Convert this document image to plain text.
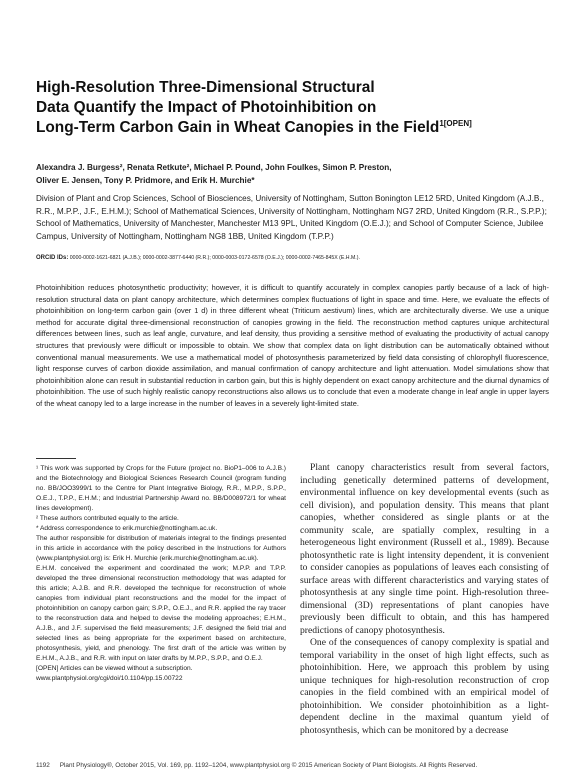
High-Resolution Three-Dimensional Structural
Data Quantify the Impact of Photoinhibition on
Long-Term Carbon Gain in Wheat Canopies in the Field$^{1[OPEN]}$
Alexandra J. Burgess², Renata Retkute², Michael P. Pound, John Foulkes, Simon P. Preston,
Oliver E. Jensen, Tony P. Pridmore, and Erik H. Murchie*
Division of Plant and Crop Sciences, School of Biosciences, University of Nottingham, Sutton Bonington LE12 5RD, United Kingdom (A.J.B., R.R., M.P.P., J.F., E.H.M.); School of Mathematical Sciences, University of Nottingham, Nottingham NG7 2RD, United Kingdom (R.R., S.P.P.); School of Mathematics, University of Manchester, Manchester M13 9PL, United Kingdom (O.E.J.); and School of Computer Science, Jubilee Campus, University of Nottingham, Nottingham NG8 1BB, United Kingdom (T.P.P.)
ORCID IDs: 0000-0002-1621-6821 (A.J.B.); 0000-0002-3877-6440 (R.R.); 0000-0003-0172-6578 (O.E.J.); 0000-0002-7465-845X (E.H.M.).
Photoinhibition reduces photosynthetic productivity; however, it is difficult to quantify accurately in complex canopies partly because of a lack of high-resolution structural data on plant canopy architecture, which determines complex fluctuations of light in space and time. Here, we evaluate the effects of photoinhibition on long-term carbon gain (over 1 d) in three different wheat (Triticum aestivum) lines, which are architecturally diverse. We use a unique method for accurate digital three-dimensional reconstruction of canopies growing in the field. The reconstruction method captures unique architectural differences between lines, such as leaf angle, curvature, and leaf density, thus providing a sensitive method of evaluating the productivity of actual canopy structures that previously were difficult or impossible to obtain. We show that complex data on light distribution can be automatically obtained without conventional manual measurements. We use a mathematical model of photosynthesis parameterized by field data consisting of chlorophyll fluorescence, light response curves of carbon dioxide assimilation, and manual confirmation of canopy architecture and light attenuation. Model simulations show that photoinhibition alone can result in substantial reduction in carbon gain, but this is highly dependent on exact canopy architecture and the diurnal dynamics of photoinhibition. The use of such highly realistic canopy reconstructions also allows us to conclude that even a moderate change in leaf angle in upper layers of the wheat canopy led to a large increase in the number of leaves in a severely light-limited state.

¹ This work was supported by Crops for the Future (project no. BioP1–006 to A.J.B.) and the Biotechnology and Biological Sciences Research Council (program funding no. BB/JOO3999/1 to the Centre for Plant Integrative Biology, R.R., M.P.P., S.P.P., O.E.J., T.P.P., E.H.M.; and Industrial Partnership Award no. BB/D008972/1 for wheat lines development).

² These authors contributed equally to the article.

* Address correspondence to erik.murchie@nottingham.ac.uk.

The author responsible for distribution of materials integral to the findings presented in this article in accordance with the policy described in the Instructions for Authors (www.plantphysiol.org) is: Erik H. Murchie (erik.murchie@nottingham.ac.uk).

E.H.M. conceived the experiment and coordinated the work; M.P.P. and T.P.P. developed the three dimensional reconstruction methodology that was adapted for this article; A.J.B. and R.R. developed the technique for reconstruction of whole canopies from individual plant reconstructions and the model for the impact of photoinhibition on canopy carbon gain; S.P.P., O.E.J., and R.R. applied the ray tracer to the reconstruction data and helped to devise the modeling approaches; E.H.M., A.J.B., and J.F. supervised the field measurements; J.F. designed the field trial and selected lines as being appropriate for the experiment based on architecture, photosynthesis, yield, and phenology. The first draft of the article was written by E.H.M., A.J.B., and R.R. with input on later drafts by M.P.P., S.P.P., and O.E.J.

[OPEN] Articles can be viewed without a subscription.

www.plantphysiol.org/cgi/doi/10.1104/pp.15.00722

Plant canopy characteristics result from several factors, including genetically determined patterns of development, environmental influence on key developmental events (such as cell division), and population density. This means that plant canopies, whether considered as single plants or at the community scale, are spatially complex, resulting in a heterogeneous light environment (Russell et al., 1989). Because photosynthetic rate is light intensity dependent, it is convenient to consider canopies as populations of leaves each consisting of surface areas with different characteristics and varying states of photosynthesis at any single time point. High-resolution three-dimensional (3D) representations of plant canopies have previously been difficult to obtain, and this has hampered predictions of canopy photosynthesis.

One of the consequences of canopy complexity is spatial and temporal variability in the onset of high light effects, such as photoinhibition. Here, we approach this problem by using unique techniques for high-resolution reconstruction of crop canopies in the field combined with an empirical model of photoinhibition. We consider photoinhibition as a light-dependent decline in the maximal quantum yield of photosynthesis, which can be monitored by a decrease

1192 Plant Physiology®, October 2015, Vol. 169, pp. 1192–1204, www.plantphysiol.org © 2015 American Society of Plant Biologists. All Rights Reserved.
